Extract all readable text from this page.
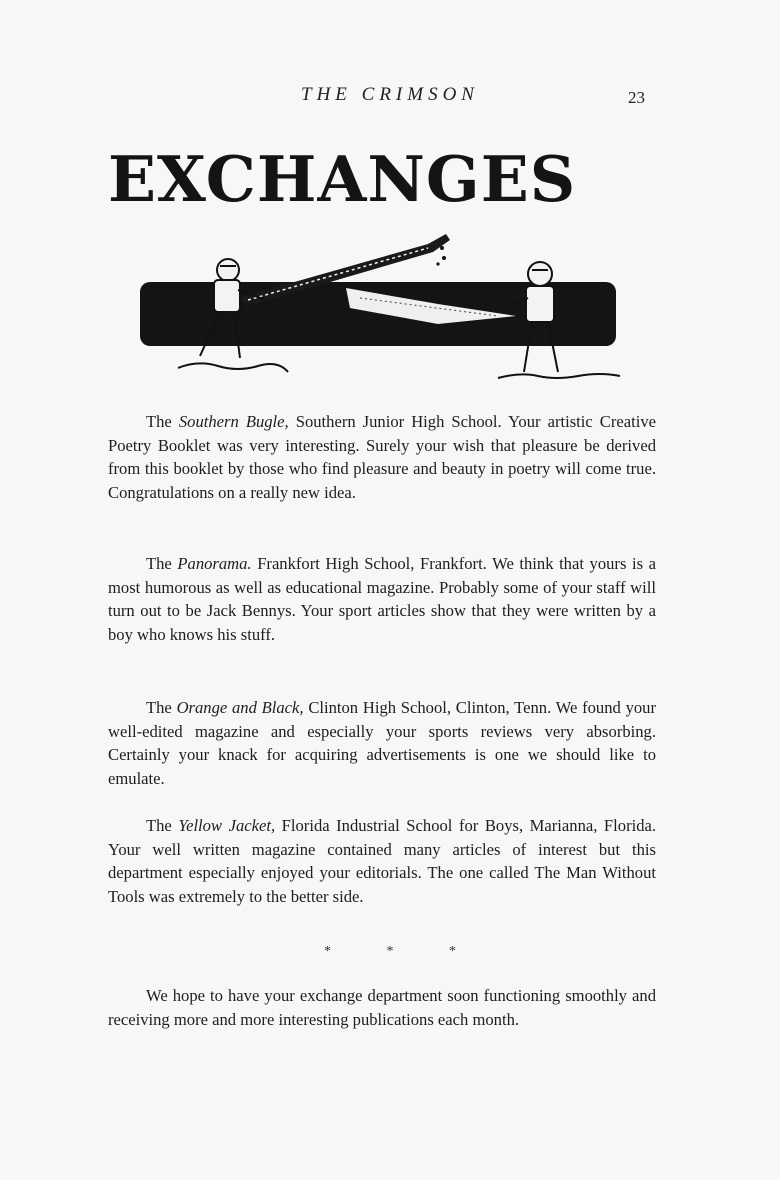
THE CRIMSON	23
EXCHANGES

The Southern Bugle, Southern Junior High School. Your artistic Creative Poetry Booklet was very interesting. Surely your wish that pleasure be derived from this booklet by those who find pleasure and beauty in poetry will come true. Congratulations on a really new idea.

The Panorama. Frankfort High School, Frankfort. We think that yours is a most humorous as well as educational magazine. Probably some of your staff will turn out to be Jack Bennys. Your sport articles show that they were written by a boy who knows his stuff.

The Orange and Black, Clinton High School, Clinton, Tenn. We found your well-edited magazine and especially your sports reviews very absorbing. Certainly your knack for acquiring advertisements is one we should like to emulate.

The Yellow Jacket, Florida Industrial School for Boys, Marianna, Florida. Your well written magazine contained many articles of interest but this department especially enjoyed your editorials. The one called The Man Without Tools was extremely to the better side.

* * *

We hope to have your exchange department soon functioning smoothly and receiving more and more interesting publications each month.
